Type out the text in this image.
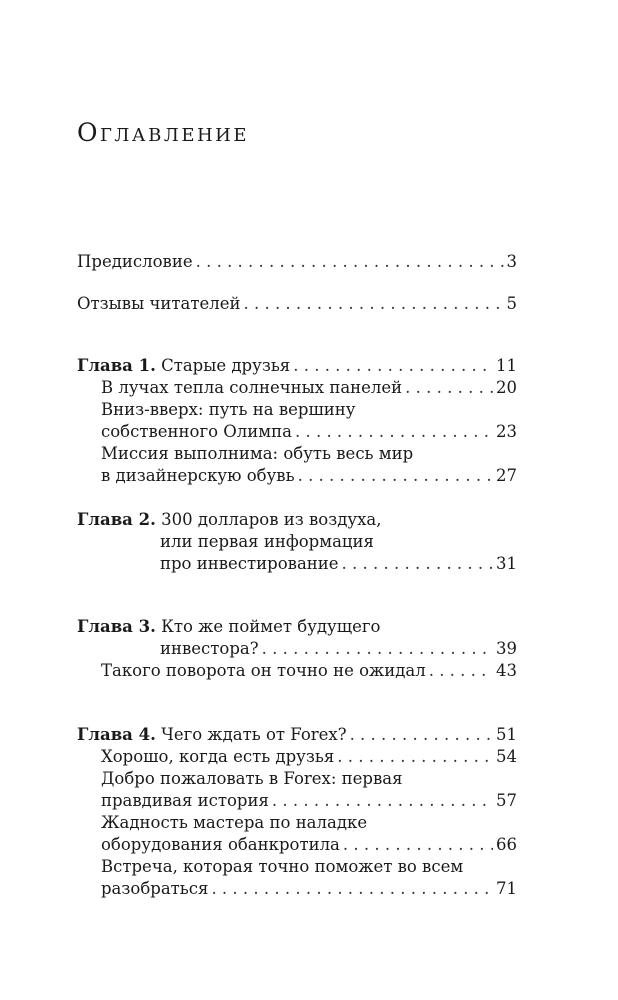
Оглавление
Предисловие . . .	3
Отзывы читателей . . .	5
Глава 1. Старые друзья . . .	11
В лучах тепла солнечных панелей . . .	20
Вниз-вверх: путь на вершину
собственного Олимпа . . .	23
Миссия выполнима: обуть весь мир
в дизайнерскую обувь . . .	27
Глава 2. 300 долларов из воздуха,
или первая информация
про инвестирование . . .	31
Глава 3. Кто же поймет будущего
инвестора? . . .	39
Такого поворота он точно не ожидал . . .	43
Глава 4. Чего ждать от Forex? . . .	51
Хорошо, когда есть друзья . . .	54
Добро пожаловать в Forex: первая
правдивая история . . .	57
Жадность мастера по наладке
оборудования обанкротила . . .	66
Встреча, которая точно поможет во всем
разобраться . . .	71
